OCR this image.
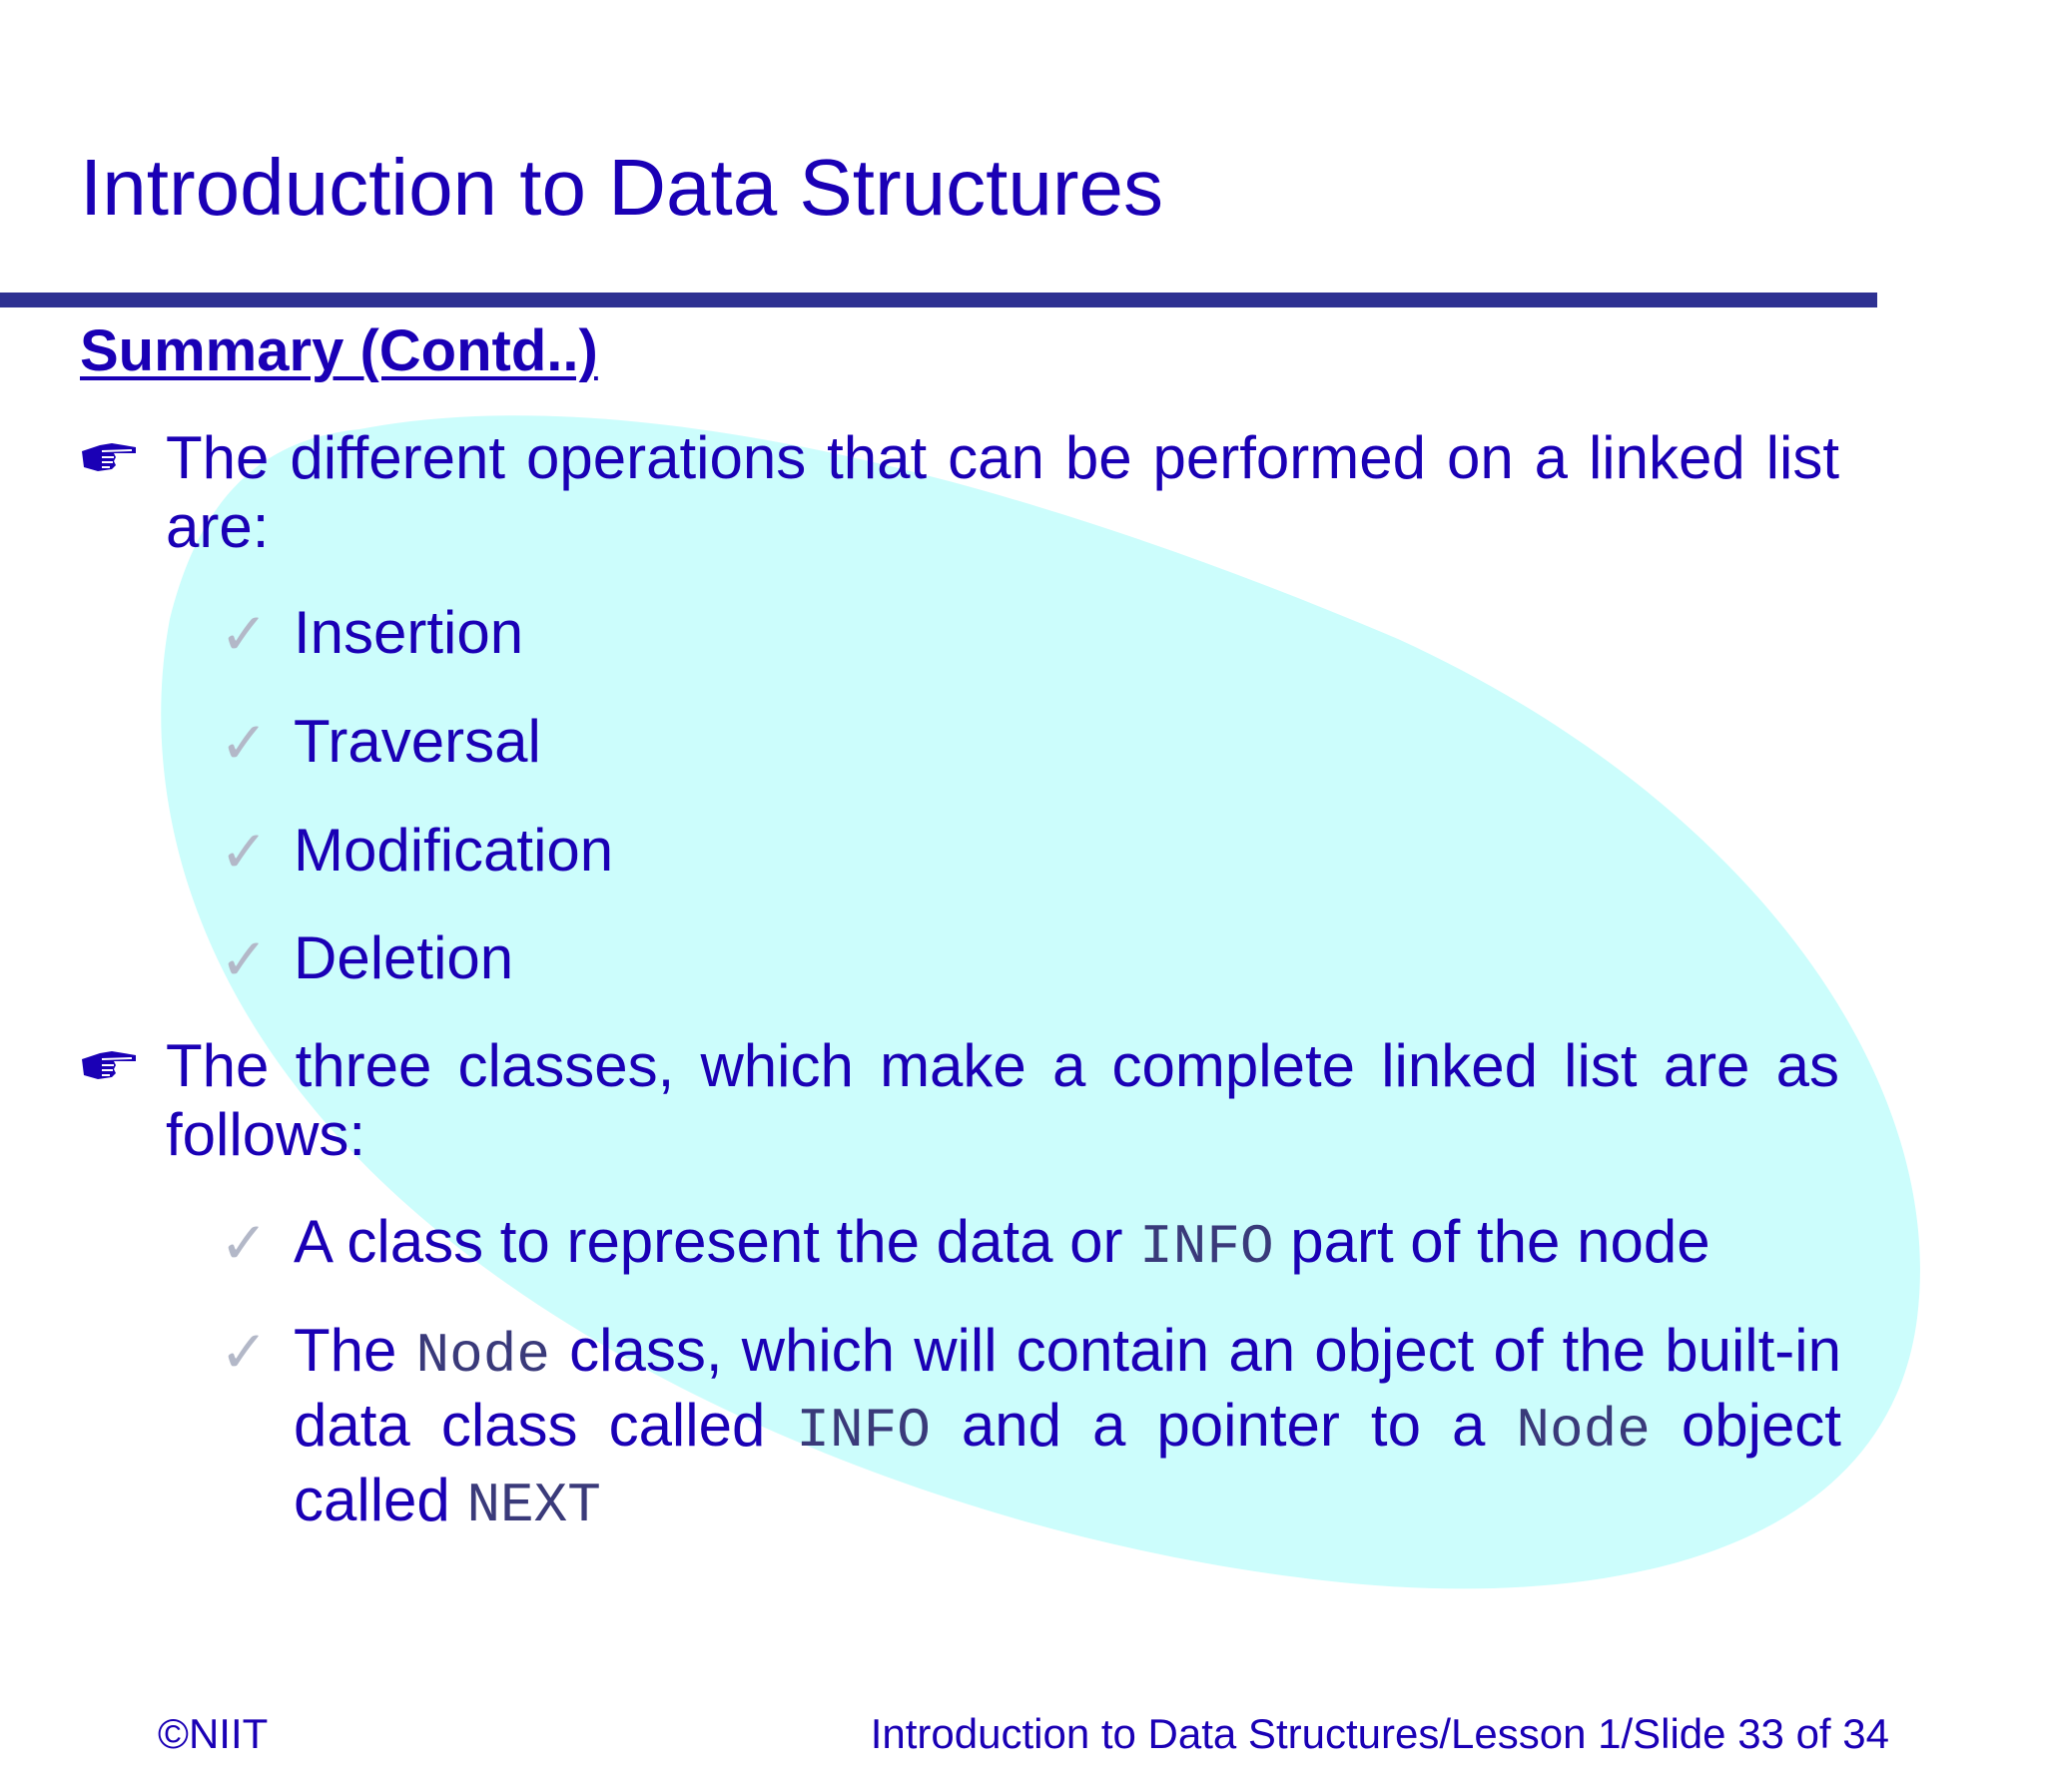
Introduction to Data Structures
Summary (Contd..)
The different operations that can be performed on a linked list are:
✓ Insertion
✓ Traversal
✓ Modification
✓ Deletion
The three classes, which make a complete linked list are as follows:
✓ A class to represent the data or INFO part of the node
✓ The Node class, which will contain an object of the built-in data class called INFO and a pointer to a Node object called NEXT
©NIIT	Introduction to Data Structures/Lesson 1/Slide 33 of 34
